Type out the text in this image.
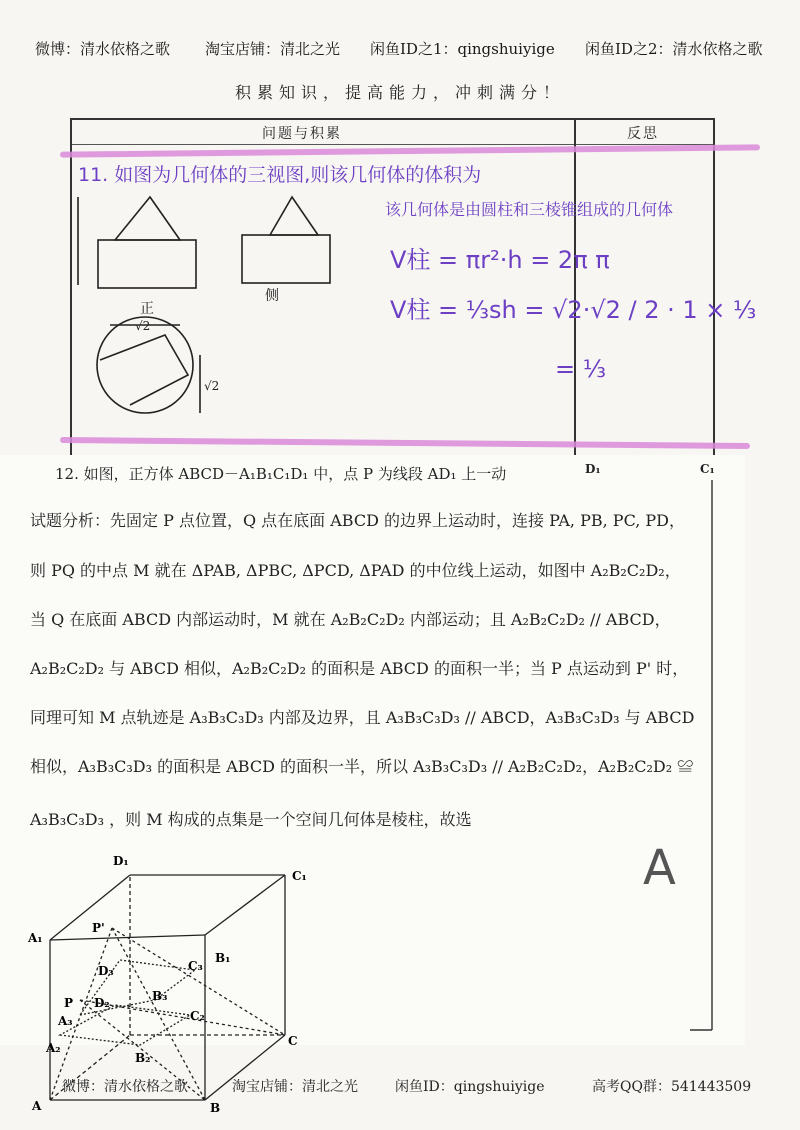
微博：清水依格之歌 淘宝店铺：清北之光 闲鱼ID之1：qingshuiyige 闲鱼ID之2：清水依格之歌
积累知识，提高能力，冲刺满分！
问题与积累	反思
11. 如图为几何体的三视图,则该几何体的体积为
该几何体是由圆柱和三棱锥组成的几何体
V柱 = πr²·h = 2π π
V柱 = ⅓sh = √2·√2 / 2 · 1 × ⅓
= ⅓
正
侧
√2
√2
12. 如图，正方体 ABCD－A₁B₁C₁D₁ 中，点 P 为线段 AD₁ 上一动	D₁	C₁
试题分析：先固定 P 点位置，Q 点在底面 ABCD 的边界上运动时，连接 PA, PB, PC, PD，
则 PQ 的中点 M 就在 ΔPAB, ΔPBC, ΔPCD, ΔPAD 的中位线上运动，如图中 A₂B₂C₂D₂，
当 Q 在底面 ABCD 内部运动时，M 就在 A₂B₂C₂D₂ 内部运动；且 A₂B₂C₂D₂ // ABCD，
A₂B₂C₂D₂ 与 ABCD 相似，A₂B₂C₂D₂ 的面积是 ABCD 的面积一半；当 P 点运动到 P' 时，
同理可知 M 点轨迹是 A₃B₃C₃D₃ 内部及边界，且 A₃B₃C₃D₃ // ABCD，A₃B₃C₃D₃ 与 ABCD
相似，A₃B₃C₃D₃ 的面积是 ABCD 的面积一半，所以 A₃B₃C₃D₃ // A₂B₂C₂D₂，A₂B₂C₂D₂ ≌
A₃B₃C₃D₃ ，则 M 构成的点集是一个空间几何体是棱柱，故选
A
D₁
C₁
A₁
B₁
P'
D₃	C₃
B₃
P D₂
A₃	C₂
A₂
B₂
C
A	B
微博：清水依格之歌	淘宝店铺：清北之光	闲鱼ID：qingshuiyige	高考QQ群：541443509
